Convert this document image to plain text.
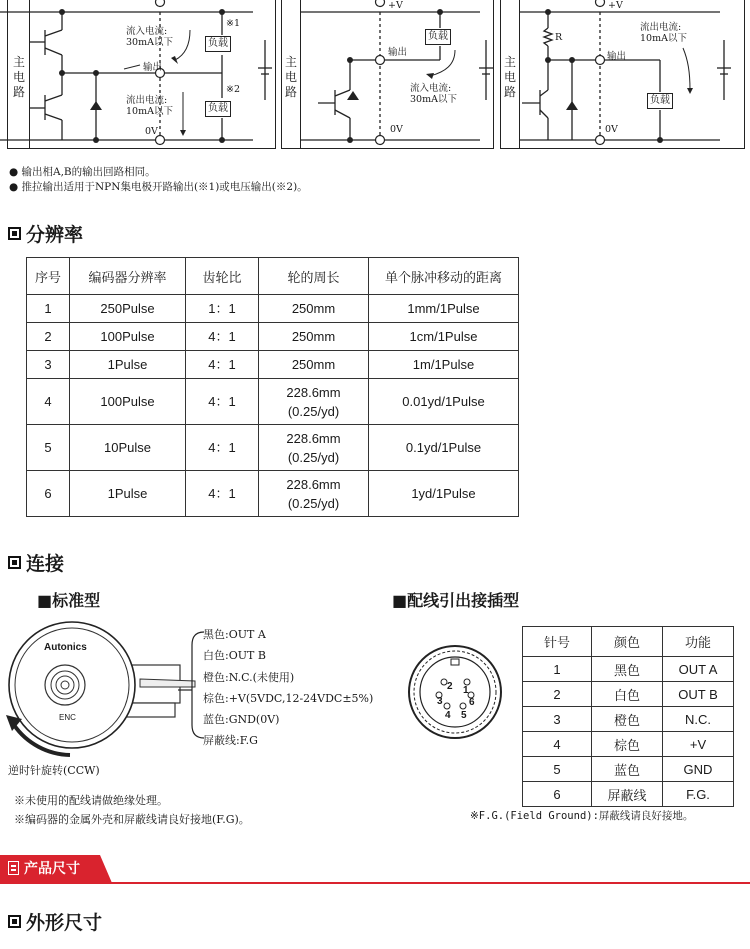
主
电
路
主
电
路
主
电
路
※1
负载
※2
负载
流入电流:
30mA以下
输出
流出电流:
10mA以下
0V
+V
负载
输出
流入电流:
30mA以下
0V
+V
R
流出电流:
10mA以下
输出
负载
0V
● 输出相A,B的输出回路相同。
● 推拉输出适用于NPN集电极开路输出(※1)或电压输出(※2)。
分辨率
序号	编码器分辨率	齿轮比	轮的周长	单个脉冲移动的距离
1	250Pulse	1：1	250mm	1mm/1Pulse
2	100Pulse	4：1	250mm	1cm/1Pulse
3	1Pulse	4：1	250mm	1m/1Pulse
4	100Pulse	4：1	228.6mm
(0.25/yd)	0.01yd/1Pulse
5	10Pulse	4：1	228.6mm
(0.25/yd)	0.1yd/1Pulse
6	1Pulse	4：1	228.6mm
(0.25/yd)	1yd/1Pulse
连接
■标准型	■配线引出接插型
Autonics
ENC
黑色:OUT A
白色:OUT B
橙色:N.C.(未使用)
棕色:+V(5VDC,12-24VDC±5%)
蓝色:GND(0V)
屏蔽线:F.G
逆时针旋转(CCW)
※未使用的配线请做绝缘处理。
※编码器的金属外壳和屏蔽线请良好接地(F.G)。
1
2
3
4 5
6
针号	颜色	功能
1	黑色	OUT A
2	白色	OUT B
3	橙色	N.C.
4	棕色	+V
5	蓝色	GND
6	屏蔽线	F.G.
※F.G.(Field Ground):屏蔽线请良好接地。
产品尺寸
外形尺寸
